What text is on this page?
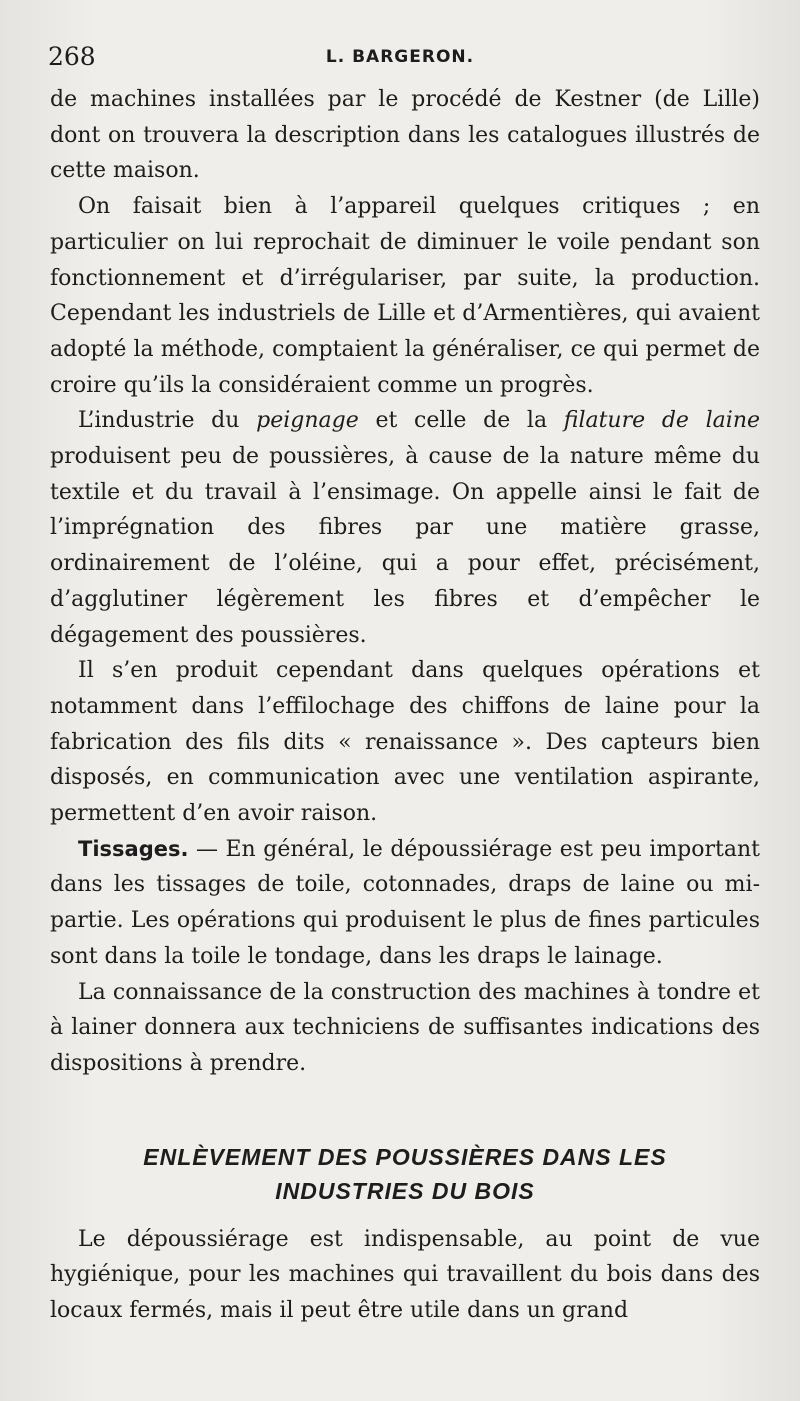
268	L. BARGERON.

de machines installées par le procédé de Kestner (de Lille) dont on trouvera la description dans les catalogues illustrés de cette maison.

On faisait bien à l’appareil quelques critiques ; en particulier on lui reprochait de diminuer le voile pendant son fonctionnement et d’irrégulariser, par suite, la production. Cependant les industriels de Lille et d’Armentières, qui avaient adopté la méthode, comptaient la généraliser, ce qui permet de croire qu’ils la considéraient comme un progrès.

L’industrie du peignage et celle de la filature de laine produisent peu de poussières, à cause de la nature même du textile et du travail à l’ensimage. On appelle ainsi le fait de l’imprégnation des fibres par une matière grasse, ordinairement de l’oléine, qui a pour effet, précisément, d’agglutiner légèrement les fibres et d’empêcher le dégagement des poussières.

Il s’en produit cependant dans quelques opérations et notamment dans l’effilochage des chiffons de laine pour la fabrication des fils dits « renaissance ». Des capteurs bien disposés, en communication avec une ventilation aspirante, permettent d’en avoir raison.

Tissages. — En général, le dépoussiérage est peu important dans les tissages de toile, cotonnades, draps de laine ou mi-partie. Les opérations qui produisent le plus de fines particules sont dans la toile le tondage, dans les draps le lainage.

La connaissance de la construction des machines à tondre et à lainer donnera aux techniciens de suffisantes indications des dispositions à prendre.

ENLÈVEMENT DES POUSSIÈRES DANS LES
INDUSTRIES DU BOIS

Le dépoussiérage est indispensable, au point de vue hygiénique, pour les machines qui travaillent du bois dans des locaux fermés, mais il peut être utile dans un grand
